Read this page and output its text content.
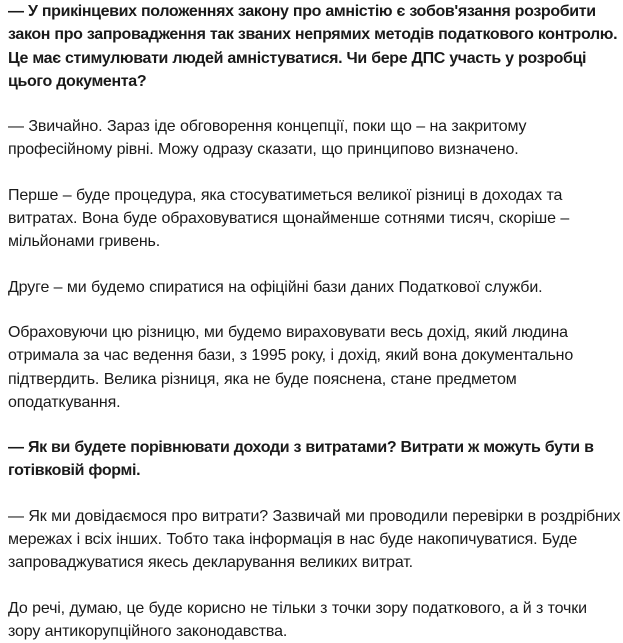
— У прикінцевих положеннях закону про амністію є зобов'язання розробити закон про запровадження так званих непрямих методів податкового контролю. Це має стимулювати людей амністуватися. Чи бере ДПС участь у розробці цього документа?

— Звичайно. Зараз іде обговорення концепції, поки що – на закритому професійному рівні. Можу одразу сказати, що принципово визначено.

Перше – буде процедура, яка стосуватиметься великої різниці в доходах та витратах. Вона буде обраховуватися щонайменше сотнями тисяч, скоріше – мільйонами гривень.

Друге – ми будемо спиратися на офіційні бази даних Податкової служби.

Обраховуючи цю різницю, ми будемо вираховувати весь дохід, який людина отримала за час ведення бази, з 1995 року, і дохід, який вона документально підтвердить. Велика різниця, яка не буде пояснена, стане предметом оподаткування.

— Як ви будете порівнювати доходи з витратами? Витрати ж можуть бути в готівковій формі.

— Як ми довідаємося про витрати? Зазвичай ми проводили перевірки в роздрібних мережах і всіх інших. Тобто така інформація в нас буде накопичуватися. Буде запроваджуватися якесь декларування великих витрат.

До речі, думаю, це буде корисно не тільки з точки зору податкового, а й з точки зору антикорупційного законодавства.
